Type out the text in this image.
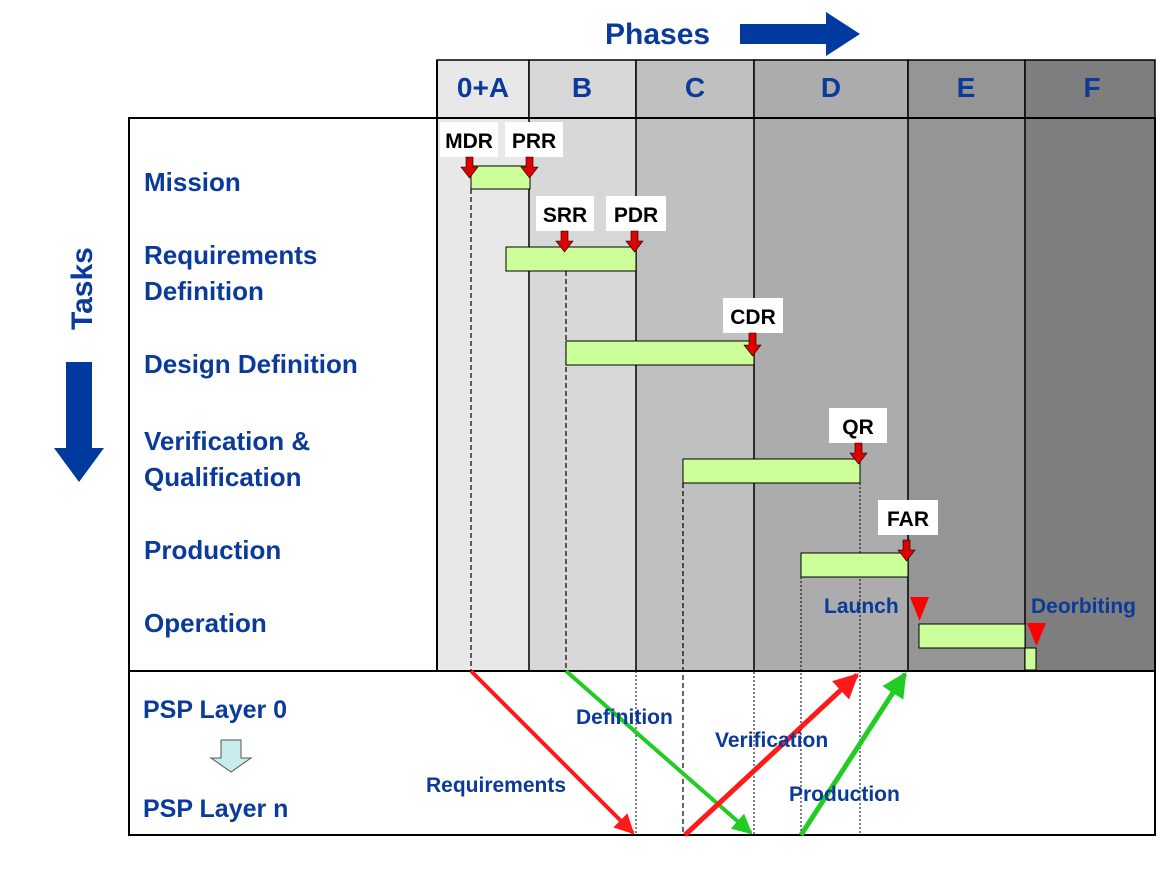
Phases
Tasks
0+A B	C	D	E	F
Mission
Requirements Definition
Design Definition
Verification & Qualification
Production
Operation
MDR PRR
SRR PDR
CDR
QR
FAR
Launch	Deorbiting
PSP Layer 0
PSP Layer n
Requirements
Definition
Verification
Production
